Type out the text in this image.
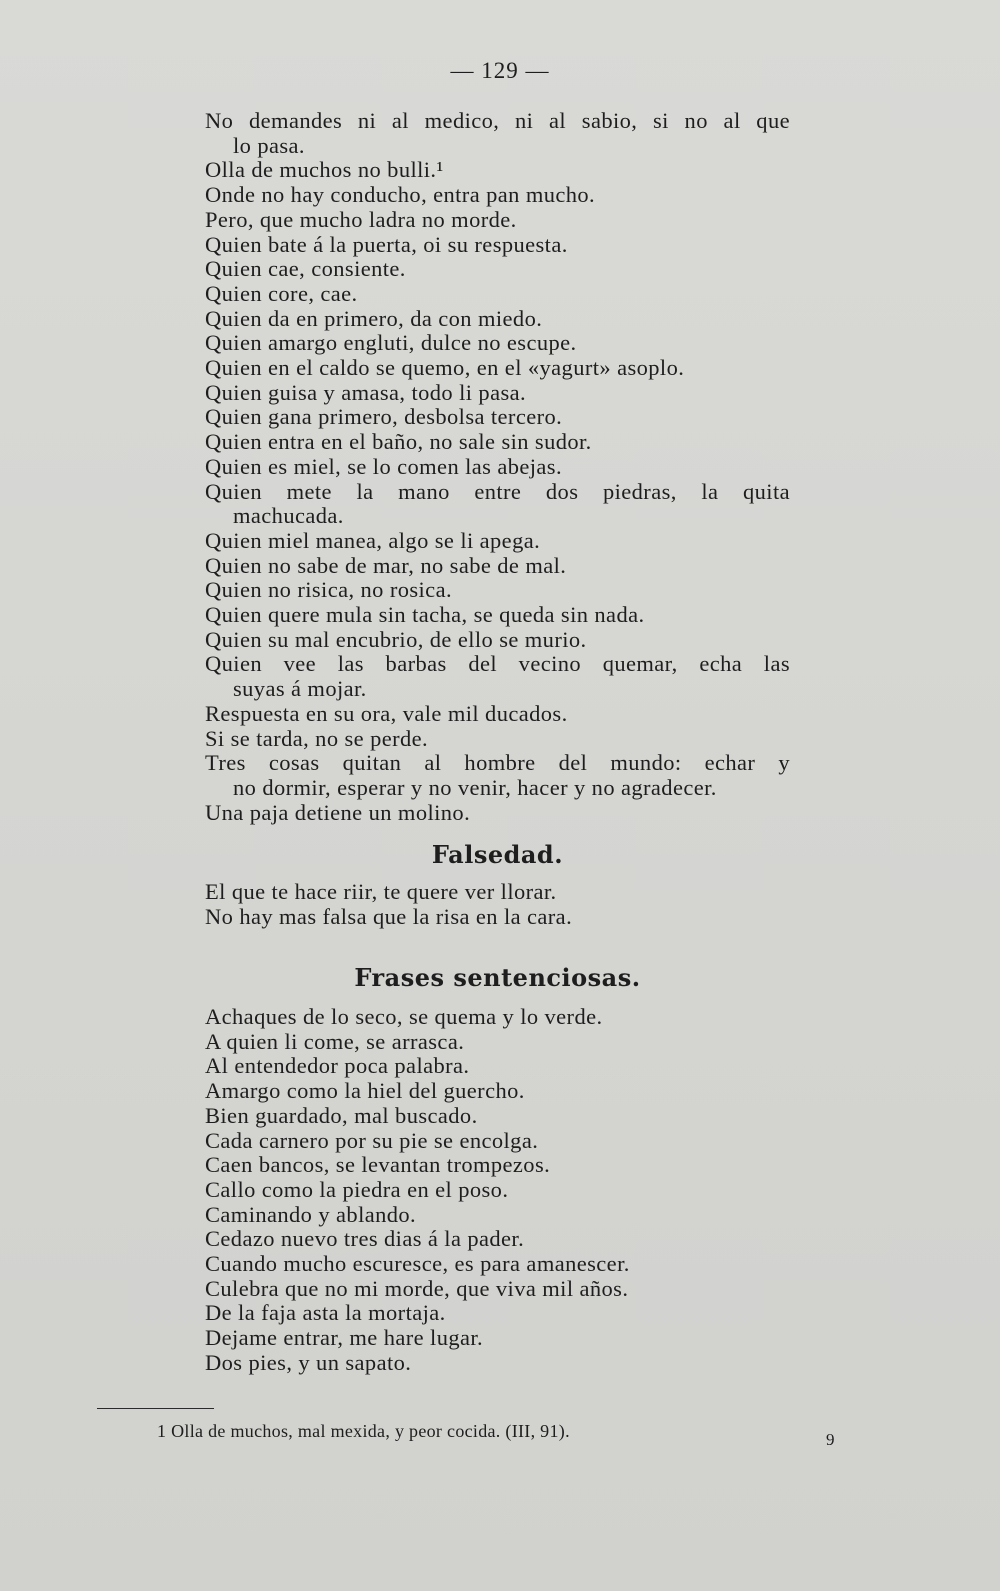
— 129 —
No demandes ni al medico, ni al sabio, si no al que
lo pasa.
Olla de muchos no bulli.¹
Onde no hay conducho, entra pan mucho.
Pero, que mucho ladra no morde.
Quien bate á la puerta, oi su respuesta.
Quien cae, consiente.
Quien core, cae.
Quien da en primero, da con miedo.
Quien amargo engluti, dulce no escupe.
Quien en el caldo se quemo, en el «yagurt» asoplo.
Quien guisa y amasa, todo li pasa.
Quien gana primero, desbolsa tercero.
Quien entra en el baño, no sale sin sudor.
Quien es miel, se lo comen las abejas.
Quien mete la mano entre dos piedras, la quita
machucada.
Quien miel manea, algo se li apega.
Quien no sabe de mar, no sabe de mal.
Quien no risica, no rosica.
Quien quere mula sin tacha, se queda sin nada.
Quien su mal encubrio, de ello se murio.
Quien vee las barbas del vecino quemar, echa las
suyas á mojar.
Respuesta en su ora, vale mil ducados.
Si se tarda, no se perde.
Tres cosas quitan al hombre del mundo: echar y
no dormir, esperar y no venir, hacer y no agradecer.
Una paja detiene un molino.
Falsedad.
El que te hace riir, te quere ver llorar.
No hay mas falsa que la risa en la cara.
Frases sentenciosas.
Achaques de lo seco, se quema y lo verde.
A quien li come, se arrasca.
Al entendedor poca palabra.
Amargo como la hiel del guercho.
Bien guardado, mal buscado.
Cada carnero por su pie se encolga.
Caen bancos, se levantan trompezos.
Callo como la piedra en el poso.
Caminando y ablando.
Cedazo nuevo tres dias á la pader.
Cuando mucho escuresce, es para amanescer.
Culebra que no mi morde, que viva mil años.
De la faja asta la mortaja.
Dejame entrar, me hare lugar.
Dos pies, y un sapato.
1 Olla de muchos, mal mexida, y peor cocida. (III, 91).	9
